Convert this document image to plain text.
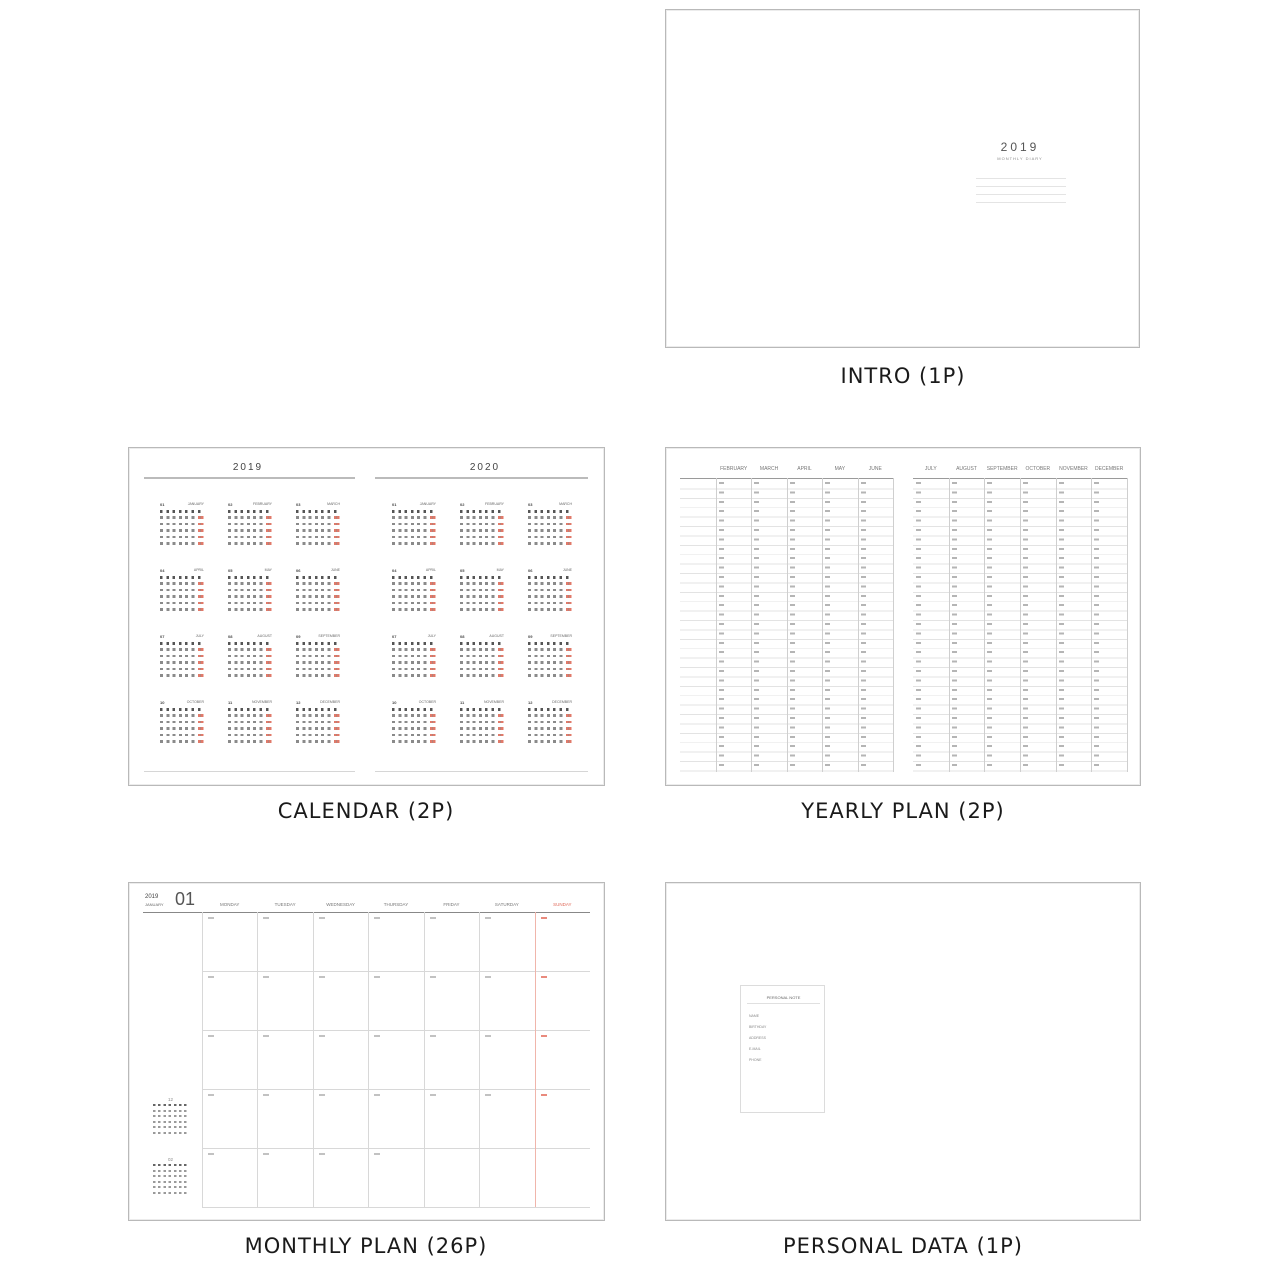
2019
MONTHLY DIARY
INTRO (1P)
2019	2020
01	JANUARY	02	FEBRUARY	03	MARCH
04	APRIL	05	MAY	06	JUNE
07	JULY	08	AUGUST	09	SEPTEMBER
10	OCTOBER	11	NOVEMBER	12	DECEMBER
01	JANUARY	02	FEBRUARY	03	MARCH
04	APRIL	05	MAY	06	JUNE
07	JULY	08	AUGUST	09	SEPTEMBER
10	OCTOBER	11	NOVEMBER	12	DECEMBER
CALENDAR (2P)
FEBRUARY	MARCH	APRIL	MAY	JUNE	JULY	AUGUST	SEPTEMBER	OCTOBER	NOVEMBER	DECEMBER
YEARLY PLAN (2P)
2019
JANUARY 01	MONDAY	TUESDAY	WEDNESDAY	THURSDAY	FRIDAY	SATURDAY	SUNDAY
12
02
MONTHLY PLAN (26P)
PERSONAL NOTE
NAME
BIRTHDAY
ADDRESS
E-MAIL
PHONE
PERSONAL DATA (1P)
